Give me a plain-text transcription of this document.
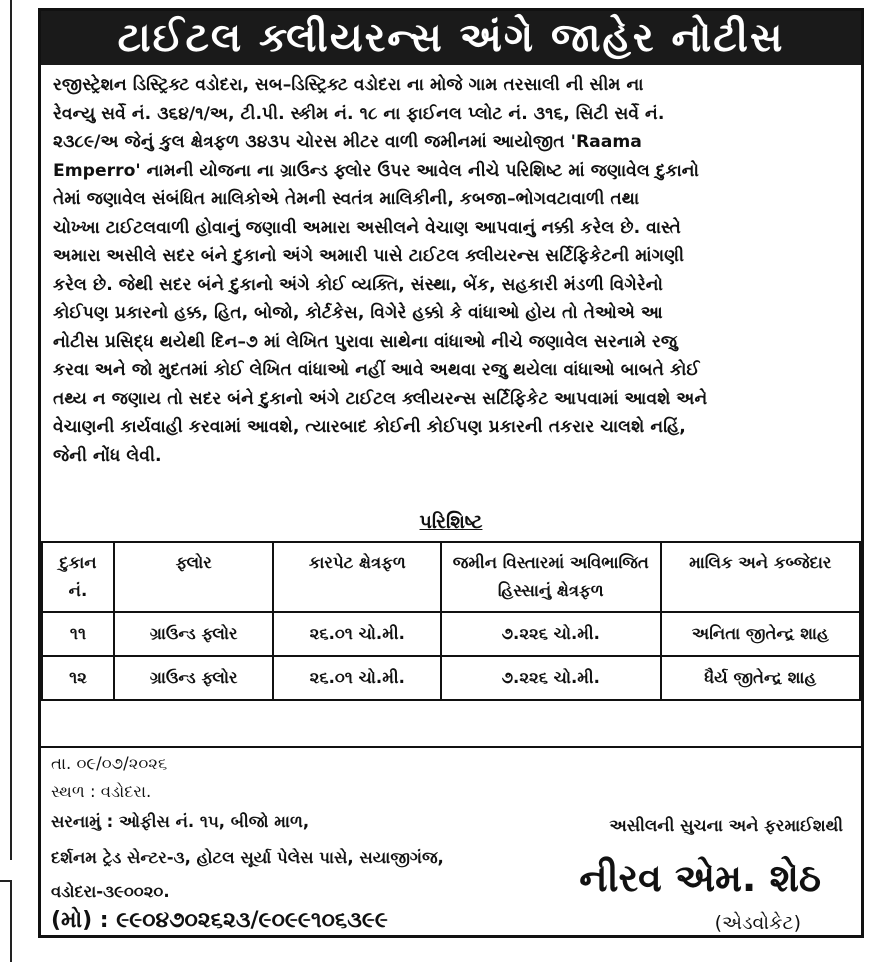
ટાઈટલ ક્લીયરન્સ અંગે જાહેર નોટીસ
રજીસ્ટ્રેશન ડિસ્ટ્રિક્ટ વડોદરા, સબ–ડિસ્ટ્રિક્ટ વડોદરા ના મોજે ગામ તરસાલી ની સીમ ના
રેવન્યુ સર્વે નં. ૩૬૪/૧/અ, ટી.પી. સ્કીમ નં. ૧૮ ના ફાઈનલ પ્લોટ નં. ૩૧૬, સિટી સર્વે નં.
૨૩૮૯/અ જેનું કુલ ક્ષેત્રફળ ૩૪૩૫ ચોરસ મીટર વાળી જમીનમાં આયોજીત 'Raama
Emperro' નામની યોજના ના ગ્રાઉન્ડ ફ્લોર ઉપર આવેલ નીચે પરિશિષ્ટ માં જણાવેલ દુકાનો
તેમાં જણાવેલ સંબંધિત માલિકોએ તેમની સ્વતંત્ર માલિકીની, કબજા–ભોગવટાવાળી તથા
ચોખ્ખા ટાઈટલવાળી હોવાનું જણાવી અમારા અસીલને વેચાણ આપવાનું નક્કી કરેલ છે. વાસ્તે
અમારા અસીલે સદર બંને દુકાનો અંગે અમારી પાસે ટાઈટલ ક્લીયરન્સ સર્ટિફિકેટની માંગણી
કરેલ છે. જેથી સદર બંને દુકાનો અંગે કોઈ વ્યક્તિ, સંસ્થા, બેંક, સહકારી મંડળી વિગેરેનો
કોઈપણ પ્રકારનો હક્ક, હિત, બોજો, કોર્ટકેસ, વિગેરે હક્કો કે વાંધાઓ હોય તો તેઓએ આ
નોટીસ પ્રસિદ્ધ થયેથી દિન–૭ માં લેખિત પુરાવા સાથેના વાંધાઓ નીચે જણાવેલ સરનામે રજુ
કરવા અને જો મુદતમાં કોઈ લેખિત વાંધાઓ નહીં આવે અથવા રજુ થયેલા વાંધાઓ બાબતે કોઈ
તથ્ય ન જણાય તો સદર બંને દુકાનો અંગે ટાઈટલ ક્લીયરન્સ સર્ટિફિકેટ આપવામાં આવશે અને
વેચાણની કાર્યવાહી કરવામાં આવશે, ત્યારબાદ કોઈની કોઈપણ પ્રકારની તકરાર ચાલશે નહિં,
જેની નોંધ લેવી.
પરિશિષ્ટ
દુકાન નં.	ફ્લોર	કારપેટ ક્ષેત્રફળ	જમીન વિસ્તારમાં અવિભાજિત હિસ્સાનું ક્ષેત્રફળ	માલિક અને કબ્જેદાર
૧૧	ગ્રાઉન્ડ ફ્લોર	૨૬.૦૧ ચો.મી.	૭.૨૨૬ ચો.મી.	અનિતા જીતેન્દ્ર શાહ
૧૨	ગ્રાઉન્ડ ફ્લોર	૨૬.૦૧ ચો.મી.	૭.૨૨૬ ચો.મી.	ધૈર્ય જીતેન્દ્ર શાહ
તા. ૦૯/૦૭/૨૦૨૬
સ્થળ : વડોદરા.
સરનામું : ઓફીસ નં. ૧૫, બીજો માળ,
દર્શનમ ટ્રેડ સેન્ટર-૩, હોટલ સૂર્યા પેલેસ પાસે, સયાજીગંજ,
વડોદરા-૩૯૦૦૨૦.
(મો) : ૯૯૦૪૭૦૨૬૨૩/૯૦૯૯૧૦૬૩૯૯
અસીલની સુચના અને ફરમાઈશથી
નીરવ એમ. શેઠ
(એડવોકેટ)
